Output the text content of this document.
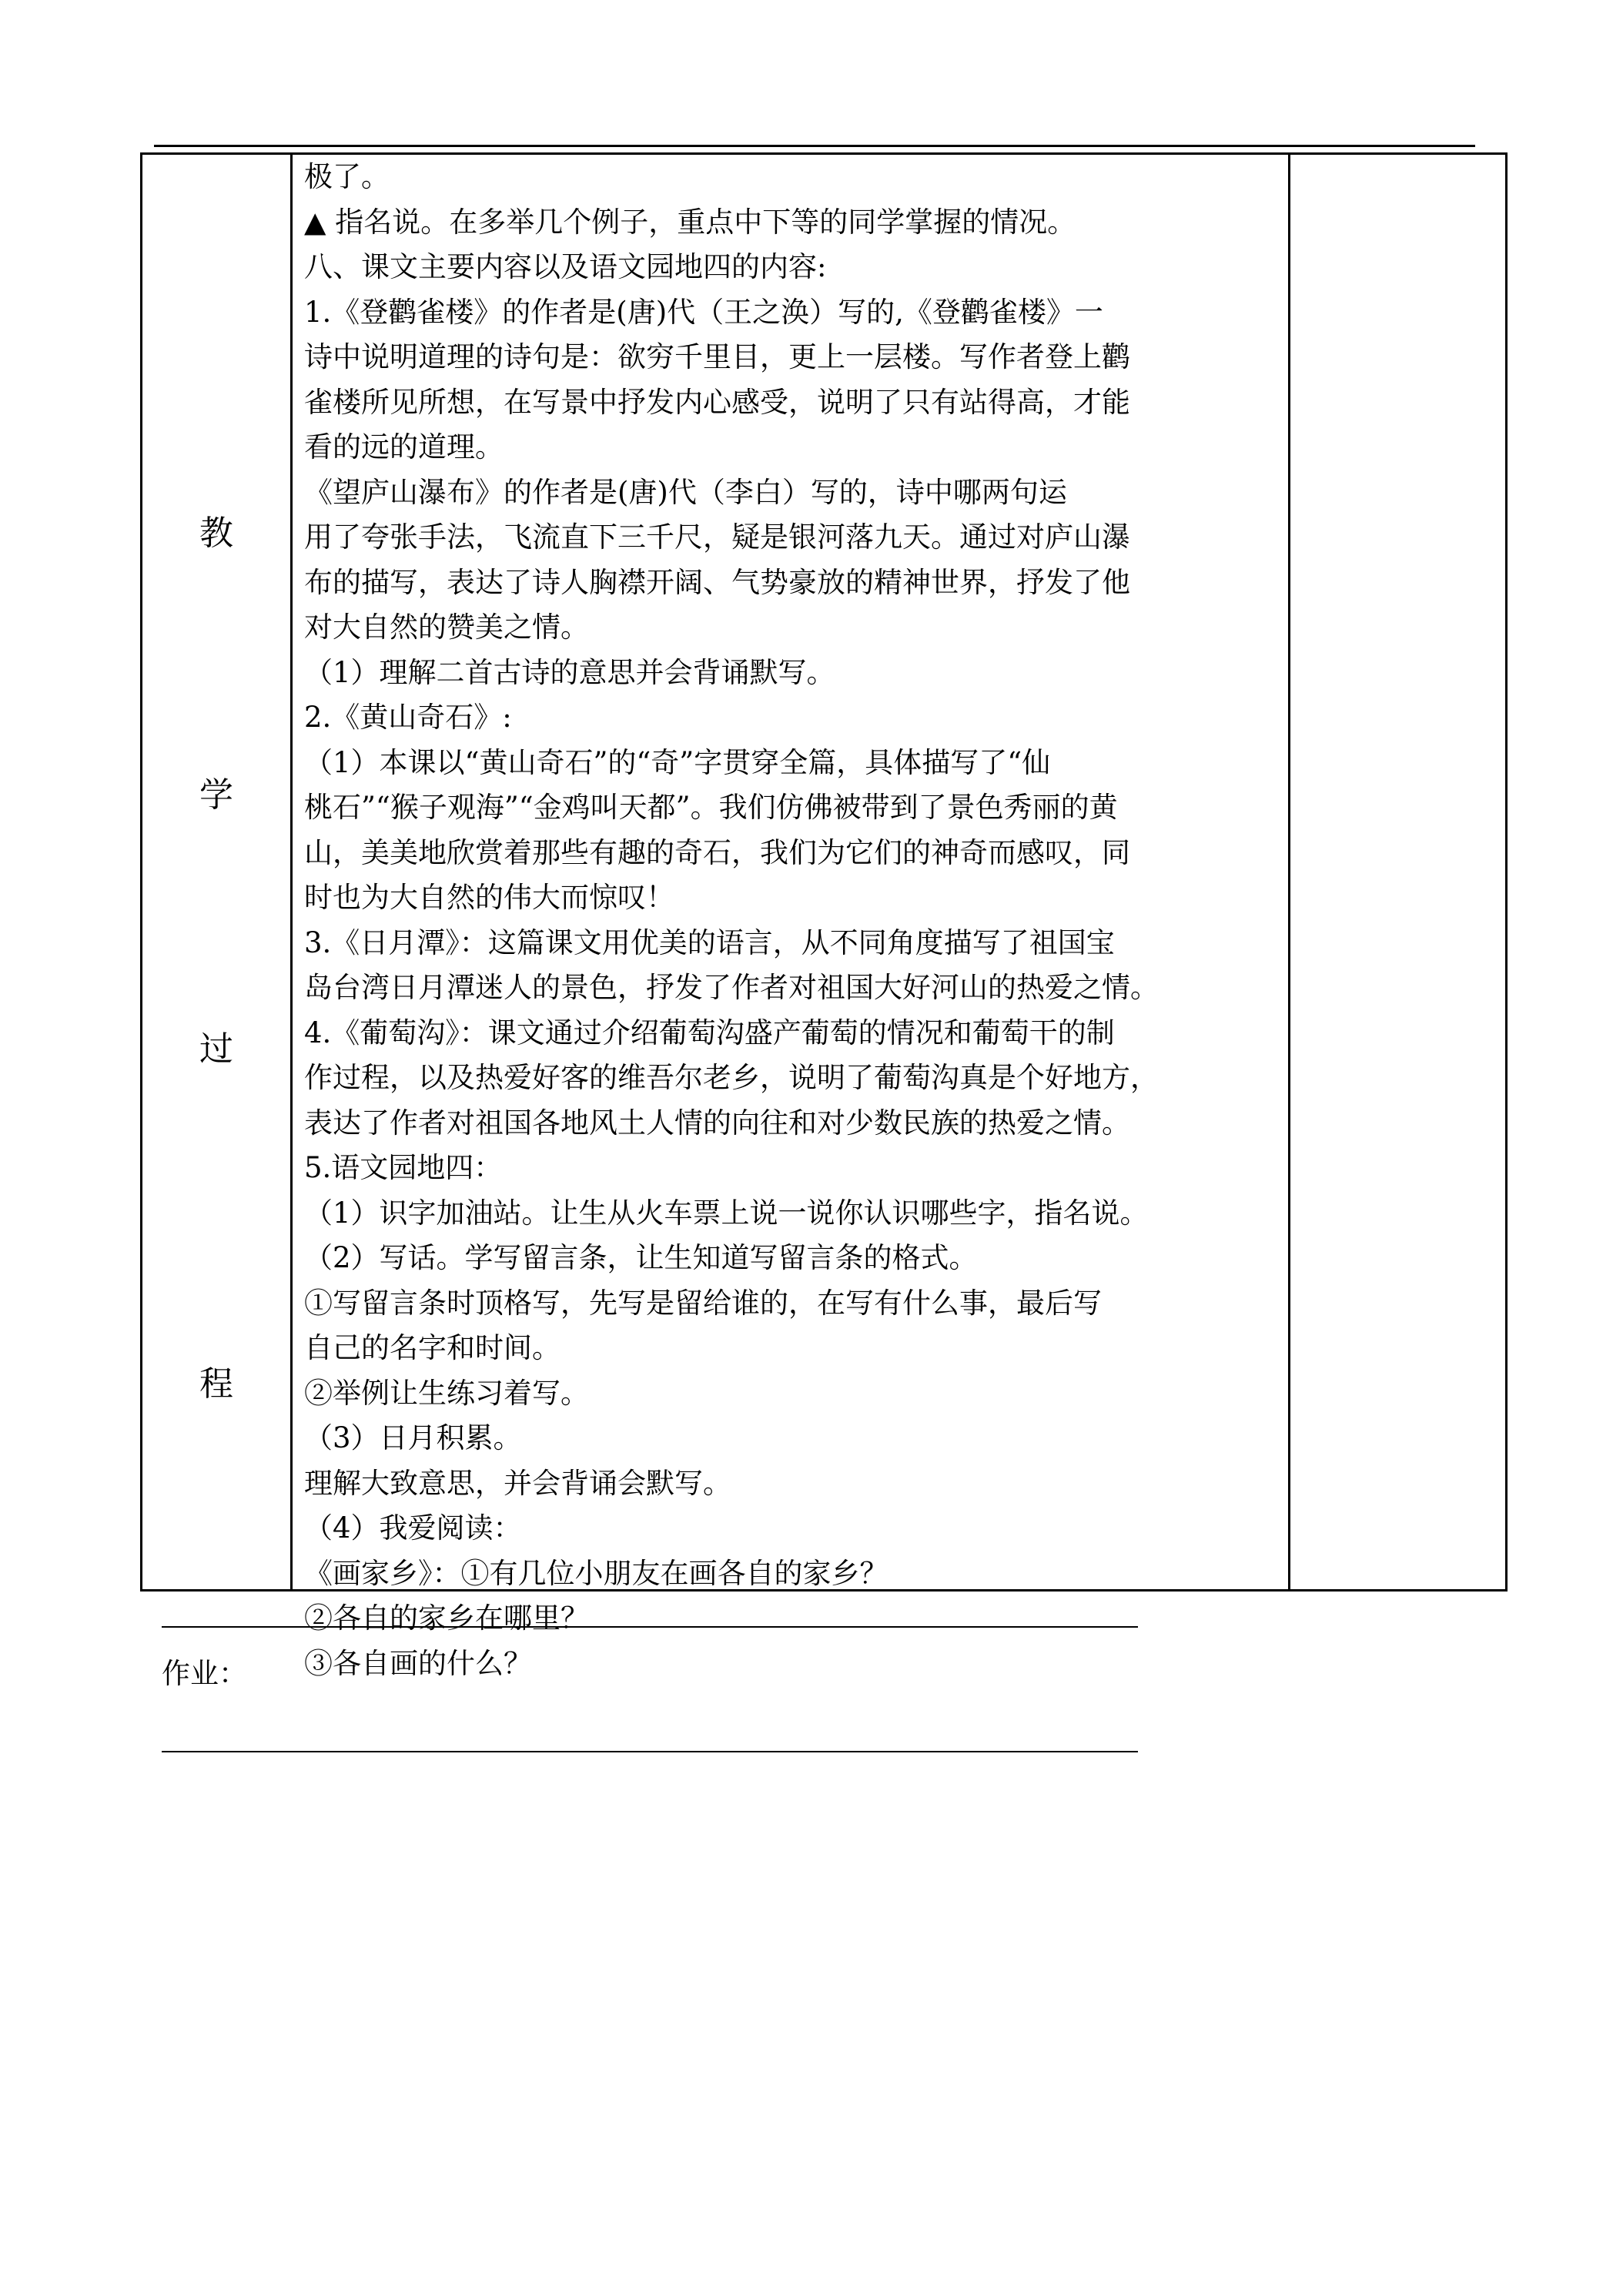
教
学
过
程
极了。
▲ 指名说。在多举几个例子，重点中下等的同学掌握的情况。
八、课文主要内容以及语文园地四的内容:
1.《登鹳雀楼》的作者是(唐)代（王之涣）写的,《登鹳雀楼》一
诗中说明道理的诗句是：欲穷千里目，更上一层楼。写作者登上鹳
雀楼所见所想，在写景中抒发内心感受，说明了只有站得高，才能
看的远的道理。
《望庐山瀑布》的作者是(唐)代（李白）写的，诗中哪两句运
用了夸张手法，飞流直下三千尺，疑是银河落九天。通过对庐山瀑
布的描写，表达了诗人胸襟开阔、气势豪放的精神世界，抒发了他
对大自然的赞美之情。
（1）理解二首古诗的意思并会背诵默写。
2.《黄山奇石》:
（1）本课以“黄山奇石”的“奇”字贯穿全篇，具体描写了“仙
桃石”“猴子观海”“金鸡叫天都”。我们仿佛被带到了景色秀丽的黄
山，美美地欣赏着那些有趣的奇石，我们为它们的神奇而感叹，同
时也为大自然的伟大而惊叹！
3.《日月潭》：这篇课文用优美的语言，从不同角度描写了祖国宝
岛台湾日月潭迷人的景色，抒发了作者对祖国大好河山的热爱之情。
4.《葡萄沟》：课文通过介绍葡萄沟盛产葡萄的情况和葡萄干的制
作过程，以及热爱好客的维吾尔老乡，说明了葡萄沟真是个好地方，
表达了作者对祖国各地风土人情的向往和对少数民族的热爱之情。
5.语文园地四：
（1）识字加油站。让生从火车票上说一说你认识哪些字，指名说。
（2）写话。学写留言条，让生知道写留言条的格式。
①写留言条时顶格写，先写是留给谁的，在写有什么事，最后写
自己的名字和时间。
②举例让生练习着写。
（3）日月积累。
理解大致意思，并会背诵会默写。
（4）我爱阅读：
《画家乡》：①有几位小朋友在画各自的家乡？
②各自的家乡在哪里？
③各自画的什么？
作业：
